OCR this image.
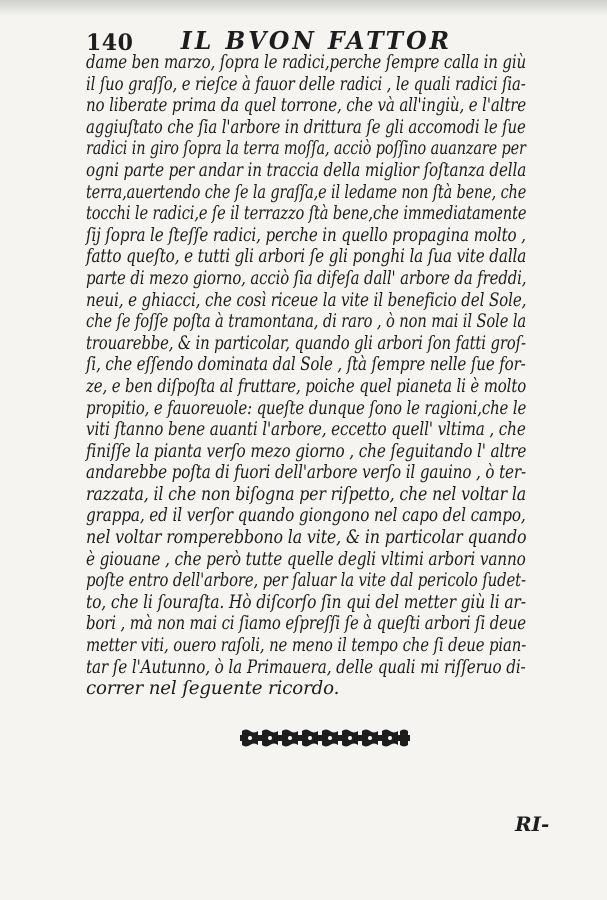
140 IL BVON FATTOR
dame ben marzo, ſopra le radici,perche ſempre calla in giù
il ſuo graſſo, e rieſce à fauor delle radici , le quali radici ſia-
no liberate prima da quel torrone, che và all'ingiù, e l'altre
aggiuſtato che ſia l'arbore in drittura ſe gli accomodi le ſue
radici in giro ſopra la terra moſſa, acciò poſſino auanzare per
ogni parte per andar in traccia della miglior ſoſtanza della
terra,auertendo che ſe la graſſa,e il ledame non ſtà bene, che
tocchi le radici,e ſe il terrazzo ſtà bene,che immediatamente
ſij ſopra le ſteſſe radici, perche in quello propagina molto ,
fatto queſto, e tutti gli arbori ſe gli ponghi la ſua vite dalla
parte di mezo giorno, acciò ſia difeſa dall' arbore da freddi,
neui, e ghiacci, che così riceue la vite il beneficio del Sole,
che ſe foſſe poſta à tramontana, di raro , ò non mai il Sole la
trouarebbe, & in particolar, quando gli arbori ſon fatti groſ-
ſi, che eſſendo dominata dal Sole , ſtà ſempre nelle ſue for-
ze, e ben diſpoſta al fruttare, poiche quel pianeta li è molto
propitio, e fauoreuole: queſte dunque ſono le ragioni,che le
viti ſtanno bene auanti l'arbore, eccetto quell' vltima , che
finiſſe la pianta verſo mezo giorno , che ſeguitando l' altre
andarebbe poſta di fuori dell'arbore verſo il gauino , ò ter-
razzata, il che non biſogna per riſpetto, che nel voltar la
grappa, ed il verſor quando giongono nel capo del campo,
nel voltar romperebbono la vite, & in particolar quando
è giouane , che però tutte quelle degli vltimi arbori vanno
poſte entro dell'arbore, per ſaluar la vite dal pericolo ſudet-
to, che li ſouraſta. Hò diſcorſo ſin qui del metter giù li ar-
bori , mà non mai ci ſiamo eſpreſſi ſe à queſti arbori ſi deue
metter viti, ouero raſoli, ne meno il tempo che ſi deue pian-
tar ſe l'Autunno, ò la Primauera, delle quali mi riſſeruo di-
correr nel ſeguente ricordo.
RI-
